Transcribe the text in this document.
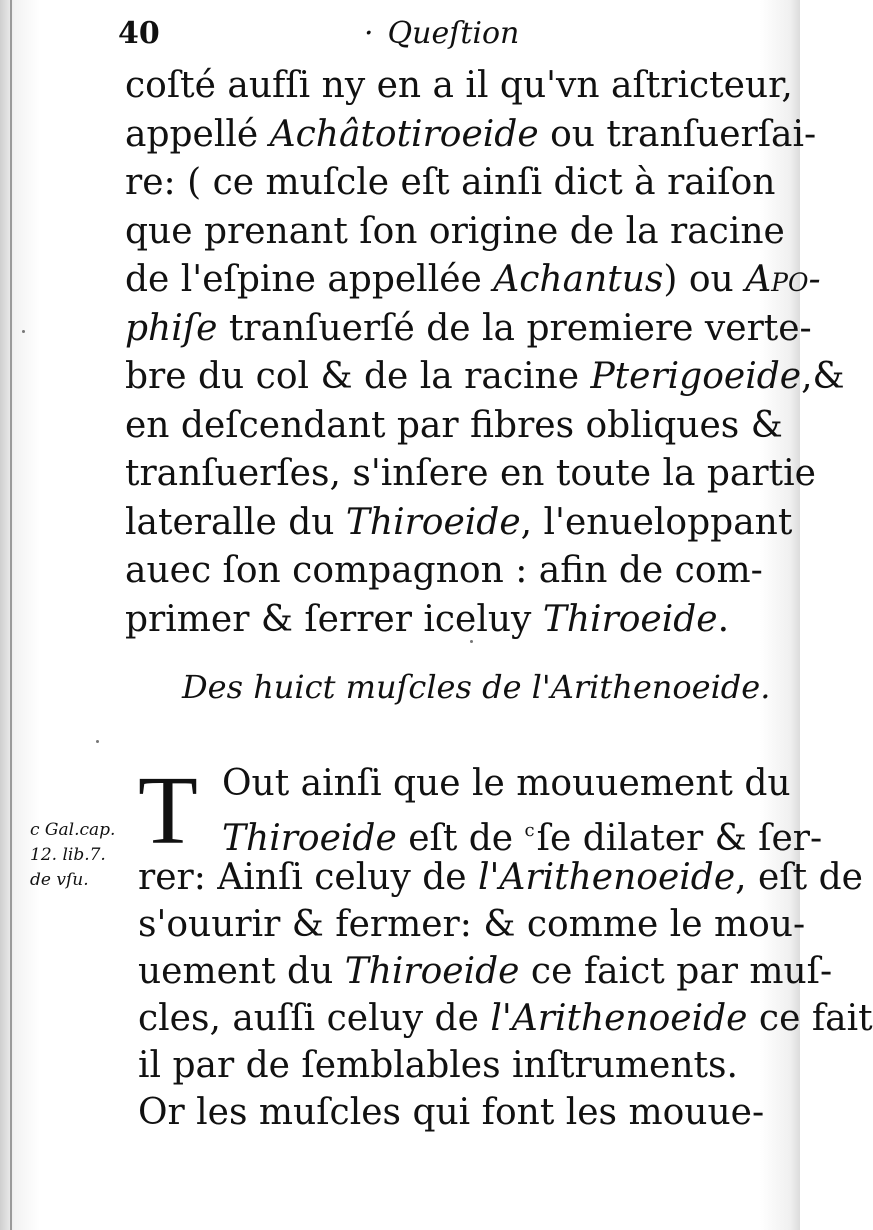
40	· Queſtion
coſté aufſi ny en a il qu'vn aſtricteur,
appellé Achâtotiroeide ou tranſuerſai-
re: ( ce muſcle eſt ainſi dict à raiſon
que prenant ſon origine de la racine
de l'eſpine appellée Achantus) ou Apo-
phiſe tranſuerſé de la premiere verte-
bre du col & de la racine Pterigoeide,&
en deſcendant par fibres obliques &
tranſuerſes, s'inſere en toute la partie
lateralle du Thiroeide, l'enueloppant
auec ſon compagnon : afin de com-
primer & ſerrer iceluy Thiroeide.
Des huict muſcles de l'Arithenoeide.
c Gal.cap.
12. lib.7.
de vſu.
T Out ainſi que le mouuement du
Thiroeide eſt de $^c$ſe dilater & ſer-
rer: Ainſi celuy de l'Arithenoeide, eſt de
s'ouurir & fermer: & comme le mou-
uement du Thiroeide ce faict par muſ-
cles, auſſi celuy de l'Arithenoeide ce fait
il par de ſemblables inſtruments.
Or les muſcles qui font les mouue-
